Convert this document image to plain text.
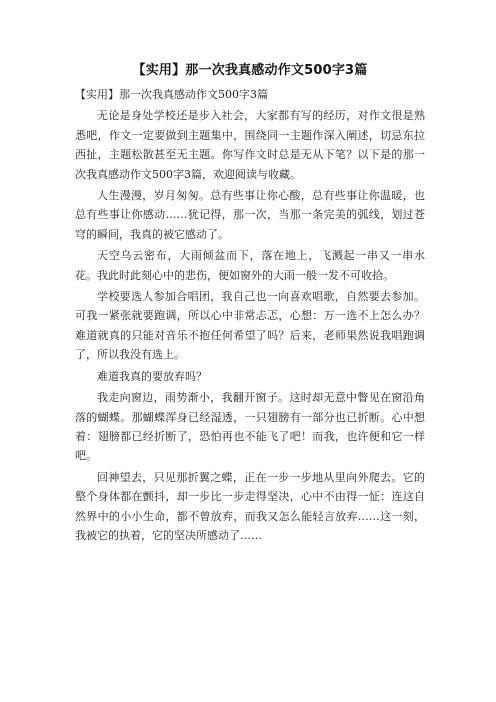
【实用】那一次我真感动作文500字3篇

【实用】那一次我真感动作文500字3篇

无论是身处学校还是步入社会，大家都有写的经历，对作文很是熟悉吧，作文一定要做到主题集中，围绕同一主题作深入阐述，切忌东拉西扯，主题松散甚至无主题。你写作文时总是无从下笔？以下是的那一次我真感动作文500字3篇，欢迎阅读与收藏。

人生漫漫，岁月匆匆。总有些事让你心酸，总有些事让你温暖，也总有些事让你感动……犹记得，那一次，当那一条完美的弧线，划过苍穹的瞬间，我真的被它感动了。

天空乌云密布，大雨倾盆而下，落在地上，飞溅起一串又一串水花。我此时此刻心中的悲伤，便如窗外的大雨一般一发不可收拾。

学校要选人参加合唱团，我自己也一向喜欢唱歌，自然要去参加。可我一紧张就要跑调，所以心中非常忐忑，心想：万一选不上怎么办？难道就真的只能对音乐不抱任何希望了吗？后来，老师果然说我唱跑调了，所以我没有选上。

难道我真的要放弃吗？

我走向窗边，雨势渐小，我翻开窗子。这时却无意中瞥见在窗沿角落的蝴蝶。那蝴蝶浑身已经湿透，一只翅膀有一部分也已折断。心中想着：翅膀都已经折断了，恐怕再也不能飞了吧！而我，也许便和它一样吧。

回神望去，只见那折翼之蝶，正在一步一步地从里向外爬去。它的整个身体都在颤抖，却一步比一步走得坚决，心中不由得一怔：连这自然界中的小小生命，都不曾放弃，而我又怎么能轻言放弃……这一刻，我被它的执着，它的坚决所感动了……
